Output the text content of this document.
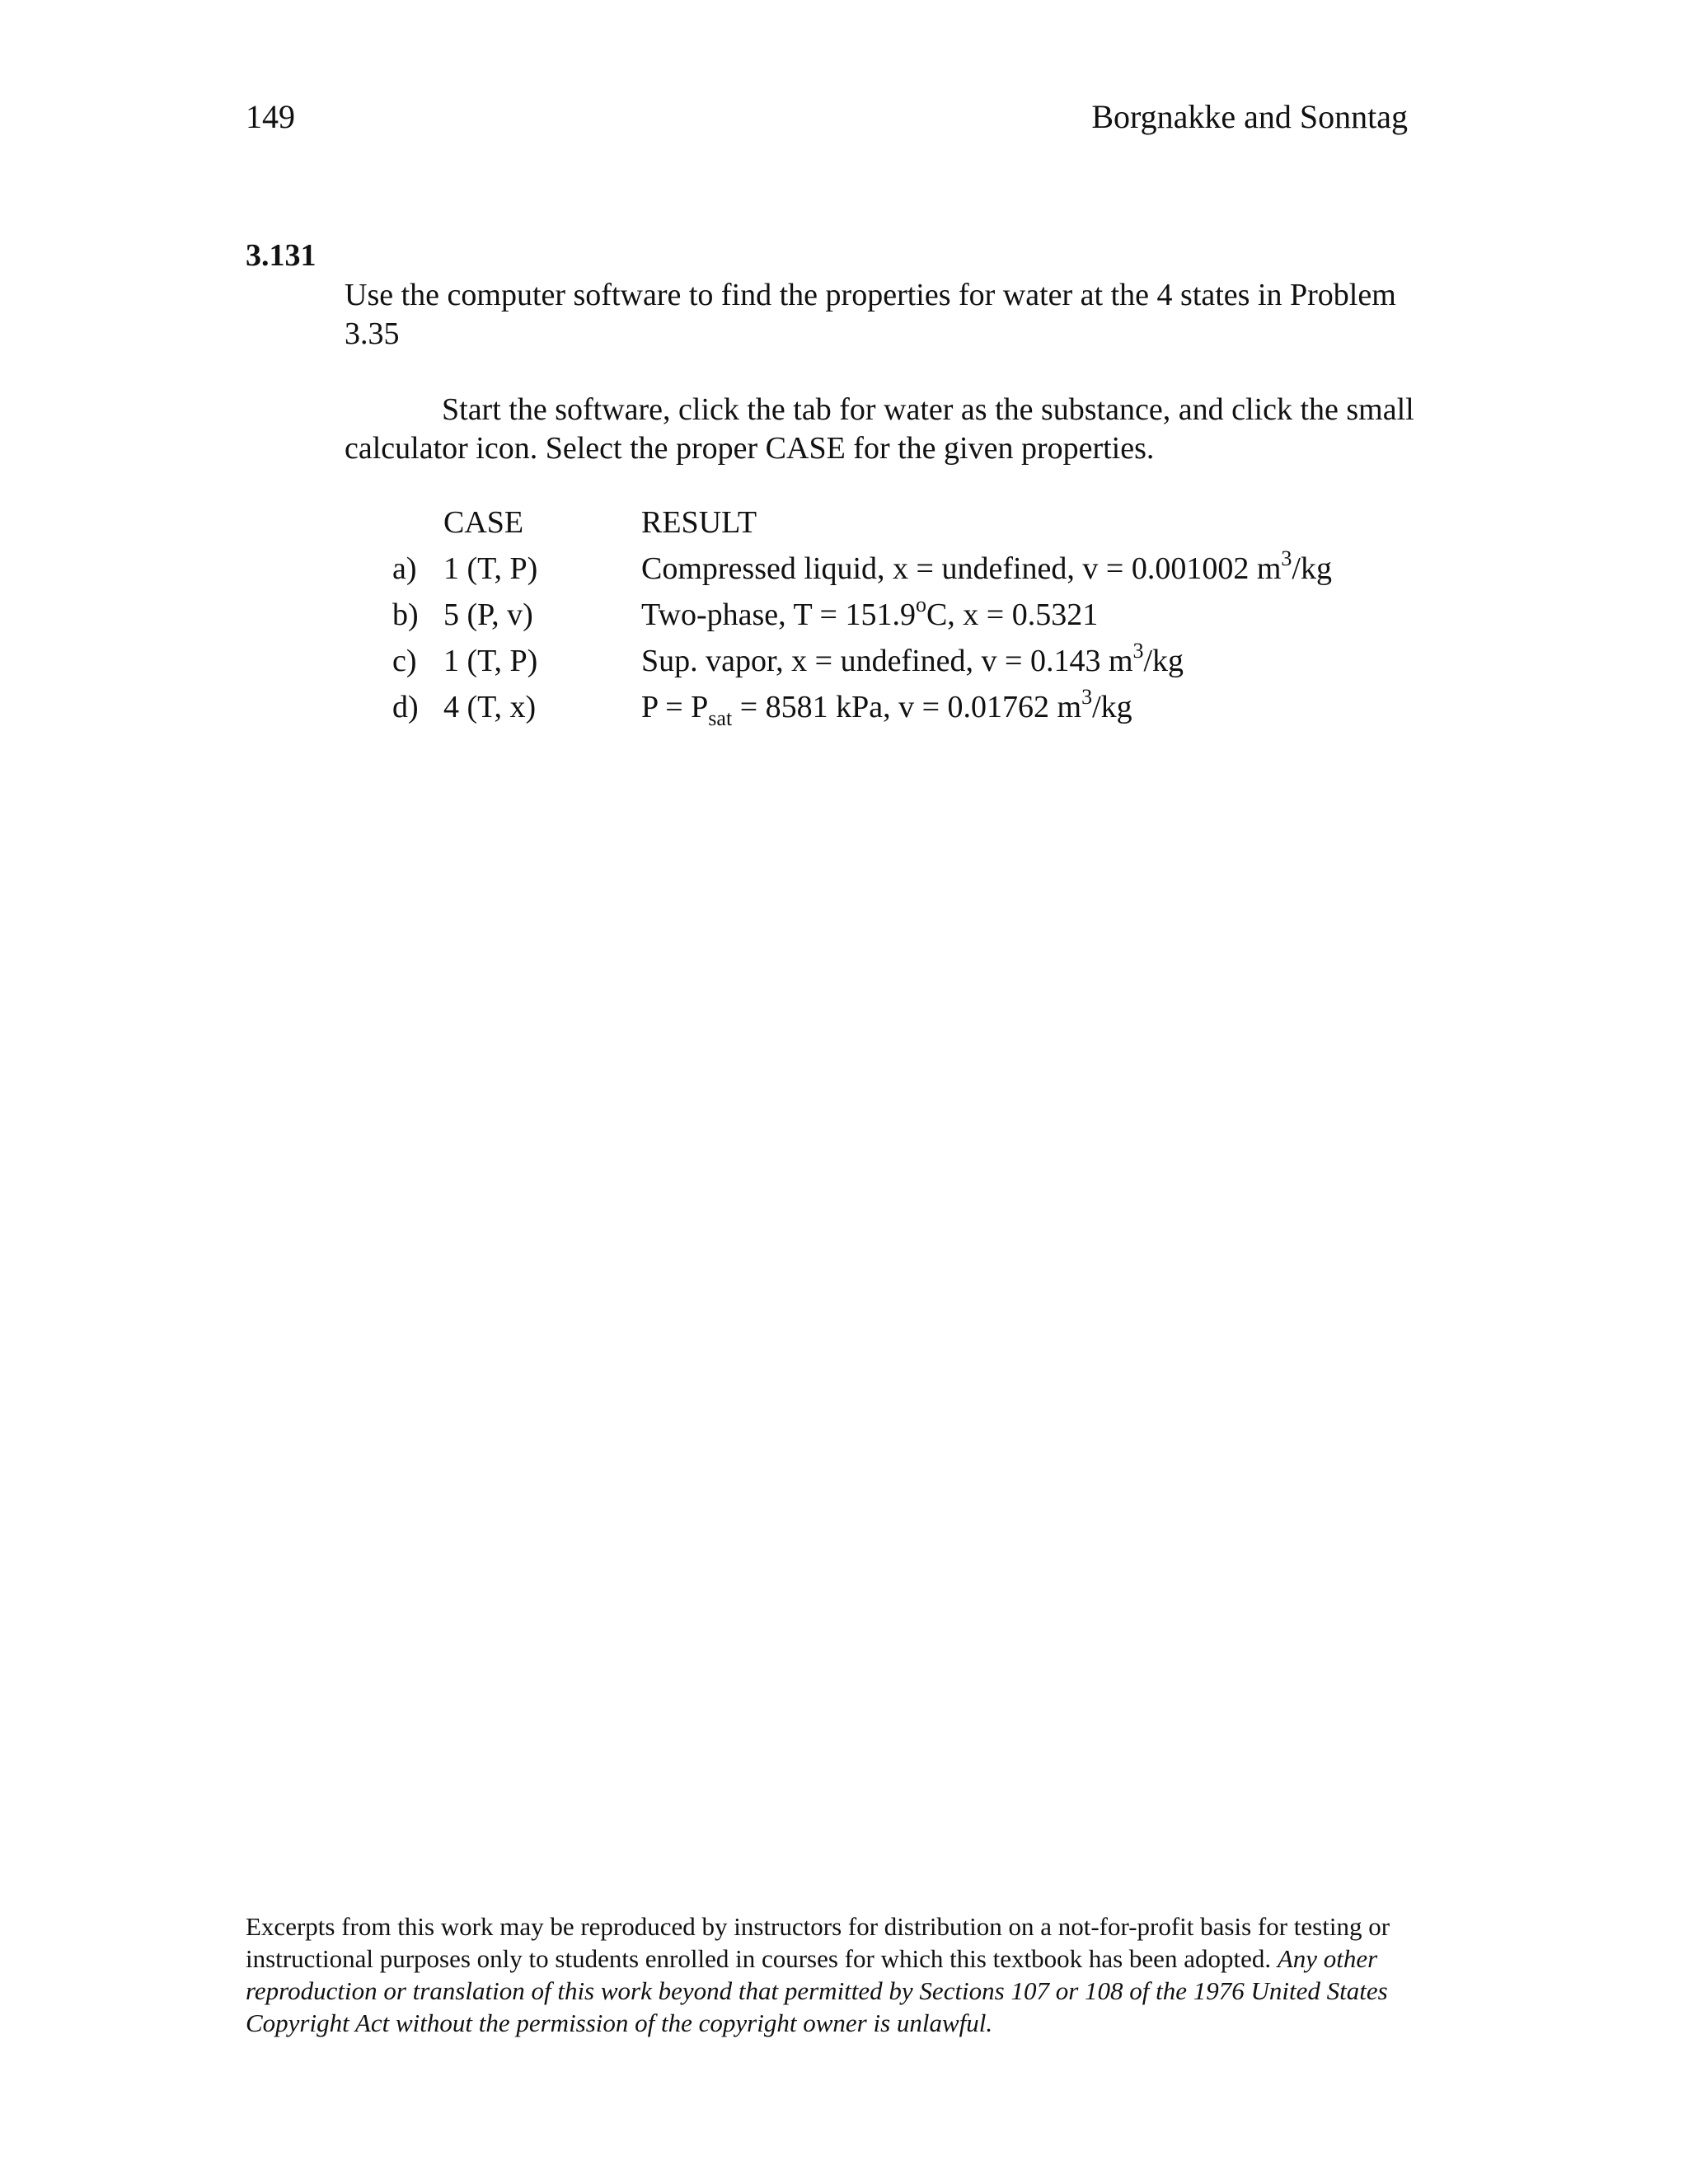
149	Borgnakke and Sonntag
3.131
Use the computer software to find the properties for water at the 4 states in Problem 3.35
Start the software, click the tab for water as the substance, and click the small calculator icon. Select the proper CASE for the given properties.
CASE	RESULT
a) 1 (T, P)	Compressed liquid, x = undefined, v = 0.001002 $m^3/kg$
b) 5 (P, v)	Two-phase, $T = 151.9^oC$, x = 0.5321
c) 1 (T, P)	Sup. vapor, x = undefined, v = 0.143 $m^3/kg$
d) 4 (T, x)	$P = P_{sat} = 8581$ kPa, v = 0.01762 $m^3/kg$
Excerpts from this work may be reproduced by instructors for distribution on a not-for-profit basis for testing or instructional purposes only to students enrolled in courses for which this textbook has been adopted. Any other reproduction or translation of this work beyond that permitted by Sections 107 or 108 of the 1976 United States Copyright Act without the permission of the copyright owner is unlawful.
